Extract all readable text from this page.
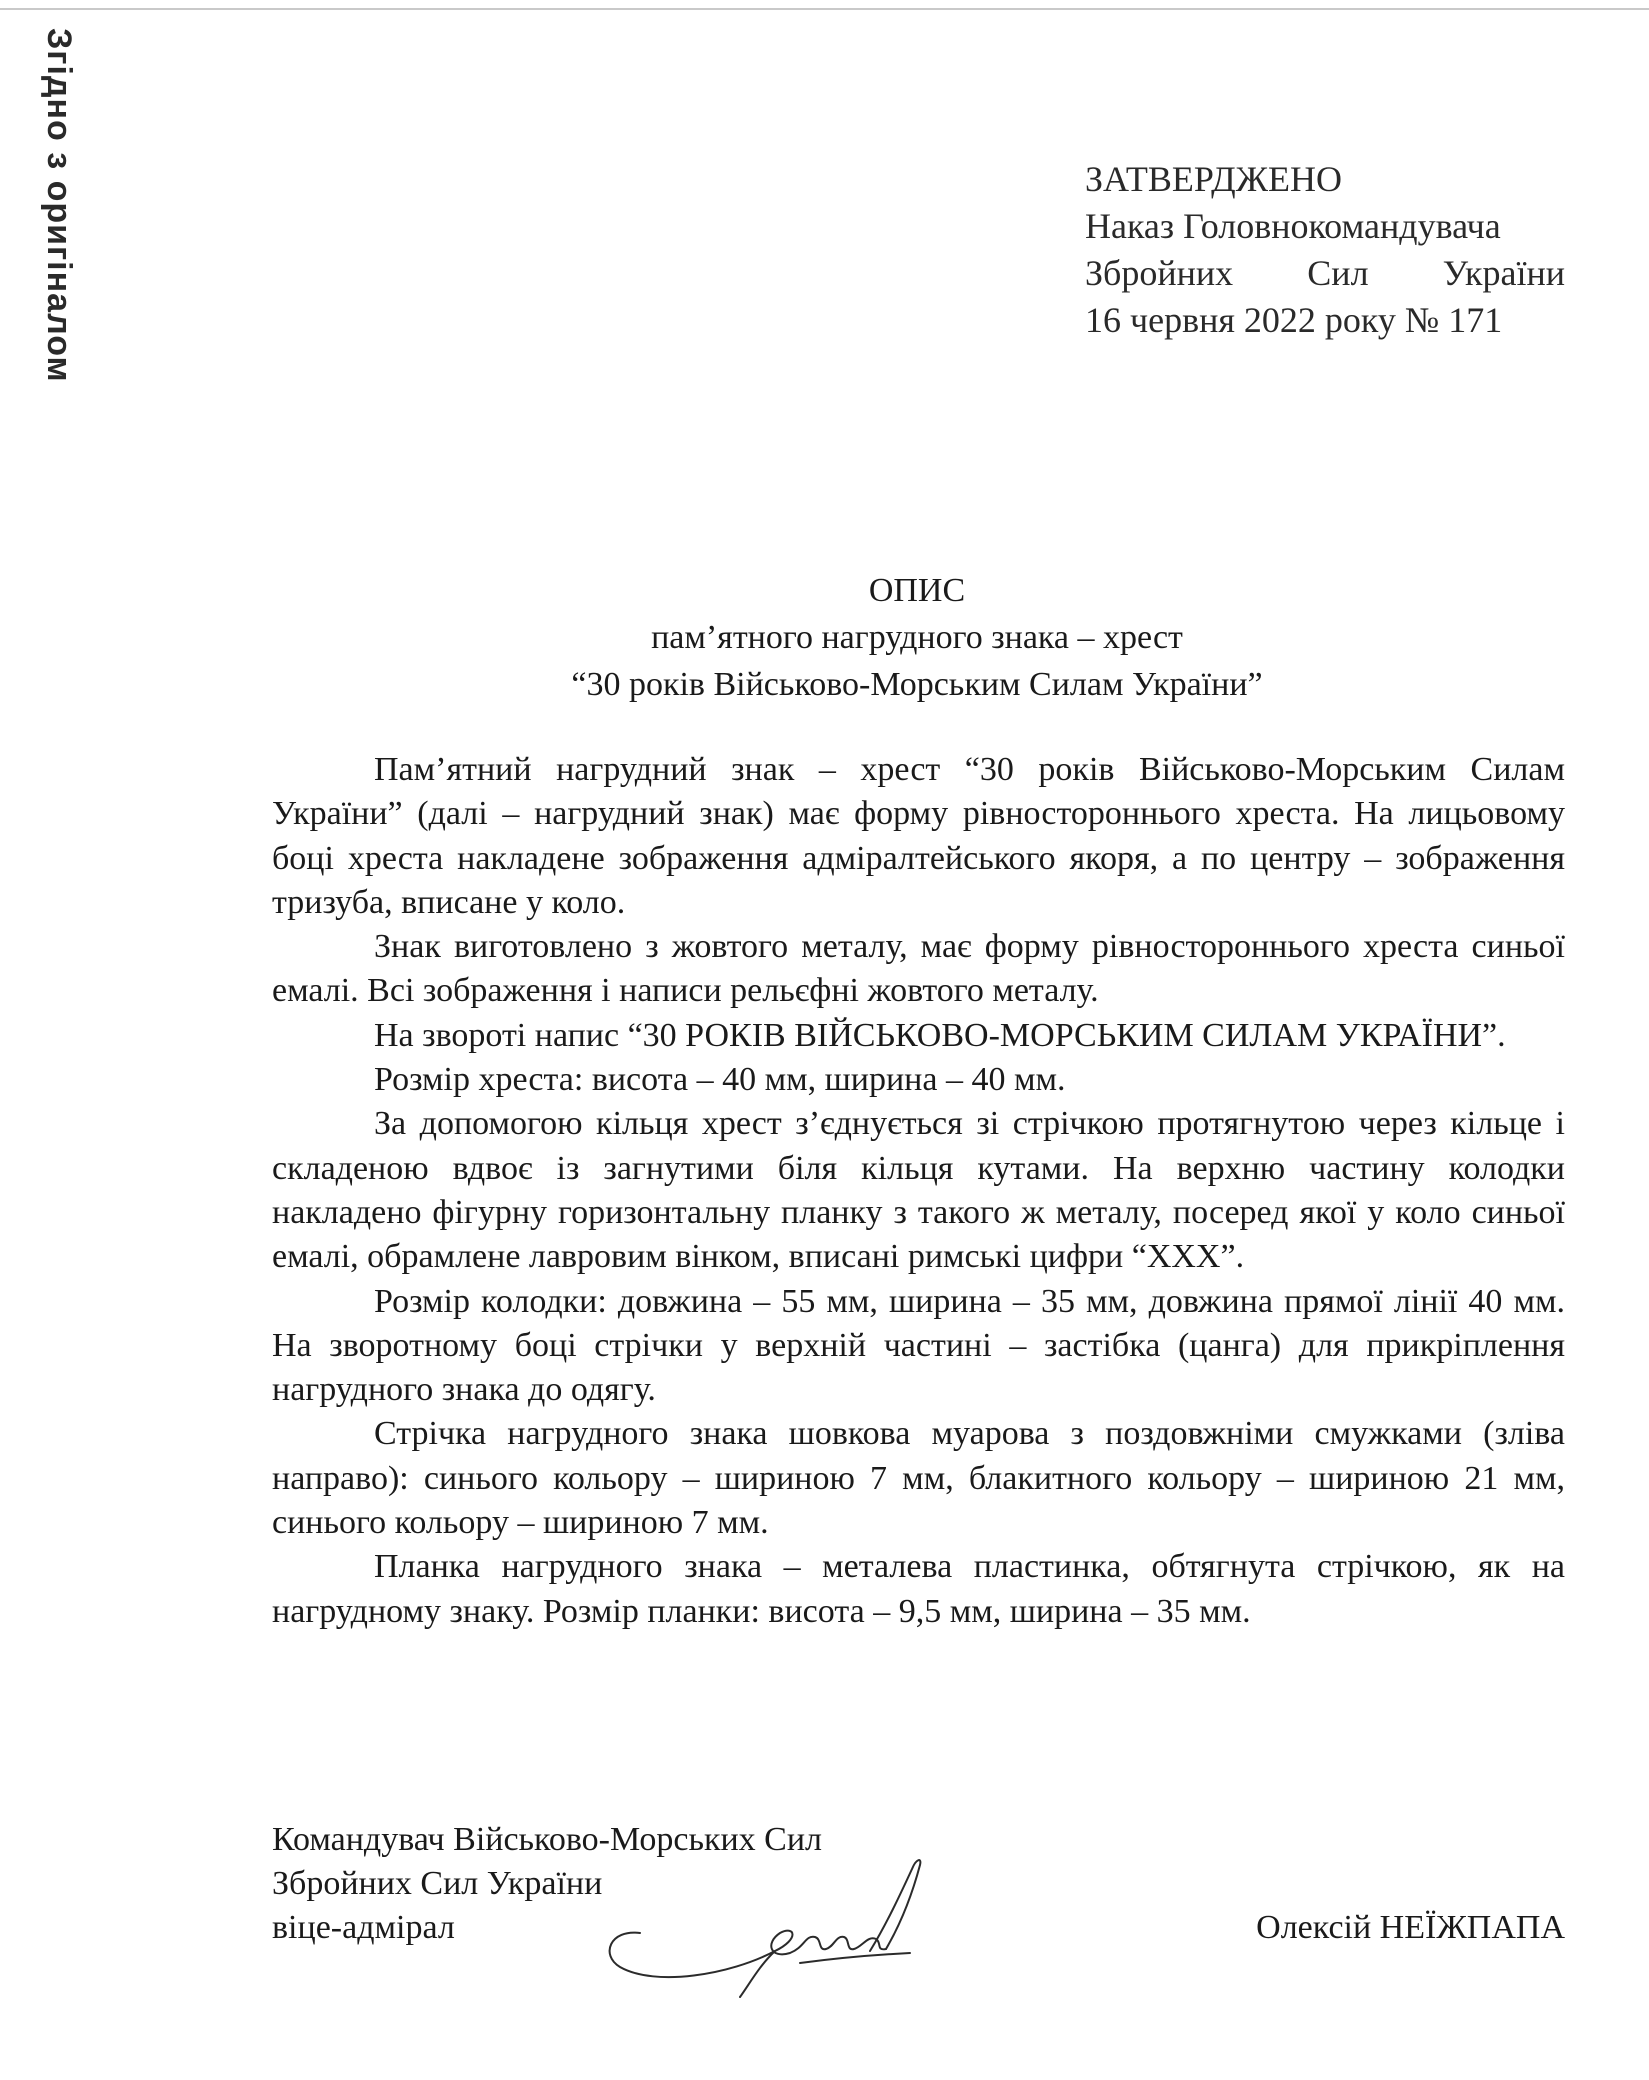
Згідно з оригіналом	ЗАТВЕРДЖЕНО
Наказ Головнокомандувача
Збройних Сил України
16 червня 2022 року № 171
ОПИС
пам’ятного нагрудного знака – хрест
“30 років Військово-Морським Силам України”

Пам’ятний нагрудний знак – хрест “30 років Військово-Морським Силам України” (далі – нагрудний знак) має форму рівностороннього хреста. На лицьовому боці хреста накладене зображення адміралтейського якоря, а по центру – зображення тризуба, вписане у коло.

Знак виготовлено з жовтого металу, має форму рівностороннього хреста синьої емалі. Всі зображення і написи рельєфні жовтого металу.

На звороті напис “30 РОКІВ ВІЙСЬКОВО-МОРСЬКИМ СИЛАМ УКРАЇНИ”.

Розмір хреста: висота – 40 мм, ширина – 40 мм.

За допомогою кільця хрест з’єднується зі стрічкою протягнутою через кільце і складеною вдвоє із загнутими біля кільця кутами. На верхню частину колодки накладено фігурну горизонтальну планку з такого ж металу, посеред якої у коло синьої емалі, обрамлене лавровим вінком, вписані римські цифри “ХХХ”.

Розмір колодки: довжина – 55 мм, ширина – 35 мм, довжина прямої лінії 40 мм. На зворотному боці стрічки у верхній частині – застібка (цанга) для прикріплення нагрудного знака до одягу.

Стрічка нагрудного знака шовкова муарова з поздовжніми смужками (зліва направо): синього кольору – шириною 7 мм, блакитного кольору – шириною 21 мм, синього кольору – шириною 7 мм.

Планка нагрудного знака – металева пластинка, обтягнута стрічкою, як на нагрудному знаку. Розмір планки: висота – 9,5 мм, ширина – 35 мм.

Командувач Військово-Морських Сил
Збройних Сил України
віце-адмірал	Олексій НЕЇЖПАПА
